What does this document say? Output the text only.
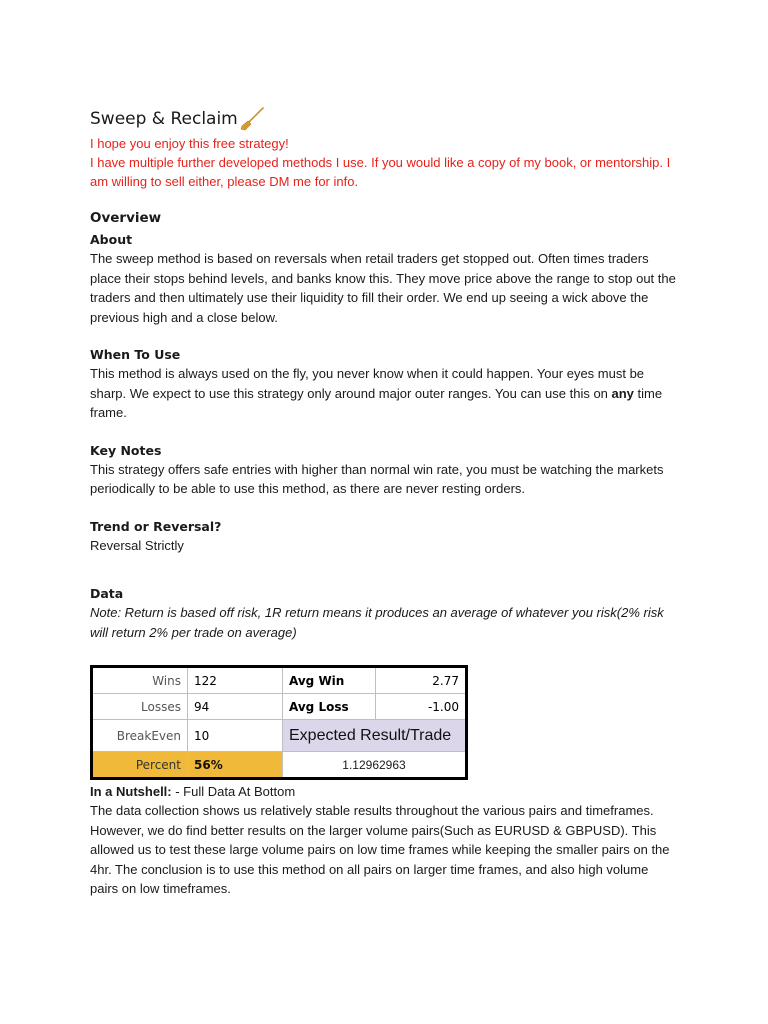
Sweep & Reclaim

I hope you enjoy this free strategy!

I have multiple further developed methods I use. If you would like a copy of my book, or mentorship. I am willing to sell either, please DM me for info.

Overview
About

The sweep method is based on reversals when retail traders get stopped out. Often times traders place their stops behind levels, and banks know this. They move price above the range to stop out the traders and then ultimately use their liquidity to fill their order. We end up seeing a wick above the previous high and a close below.

When To Use

This method is always used on the fly, you never know when it could happen. Your eyes must be sharp. We expect to use this strategy only around major outer ranges. You can use this on any time frame.

Key Notes

This strategy offers safe entries with higher than normal win rate, you must be watching the markets periodically to be able to use this method, as there are never resting orders.

Trend or Reversal?

Reversal Strictly

Data

Note: Return is based off risk, 1R return means it produces an average of whatever you risk(2% risk will return 2% per trade on average)

Wins	122	Avg Win	2.77
Losses	94	Avg Loss	-1.00
BreakEven	10	Expected Result/Trade	
Percent	56%	1.12962963	

In a Nutshell: - Full Data At Bottom

The data collection shows us relatively stable results throughout the various pairs and timeframes. However, we do find better results on the larger volume pairs(Such as EURUSD & GBPUSD). This allowed us to test these large volume pairs on low time frames while keeping the smaller pairs on the 4hr. The conclusion is to use this method on all pairs on larger time frames, and also high volume pairs on low timeframes.
